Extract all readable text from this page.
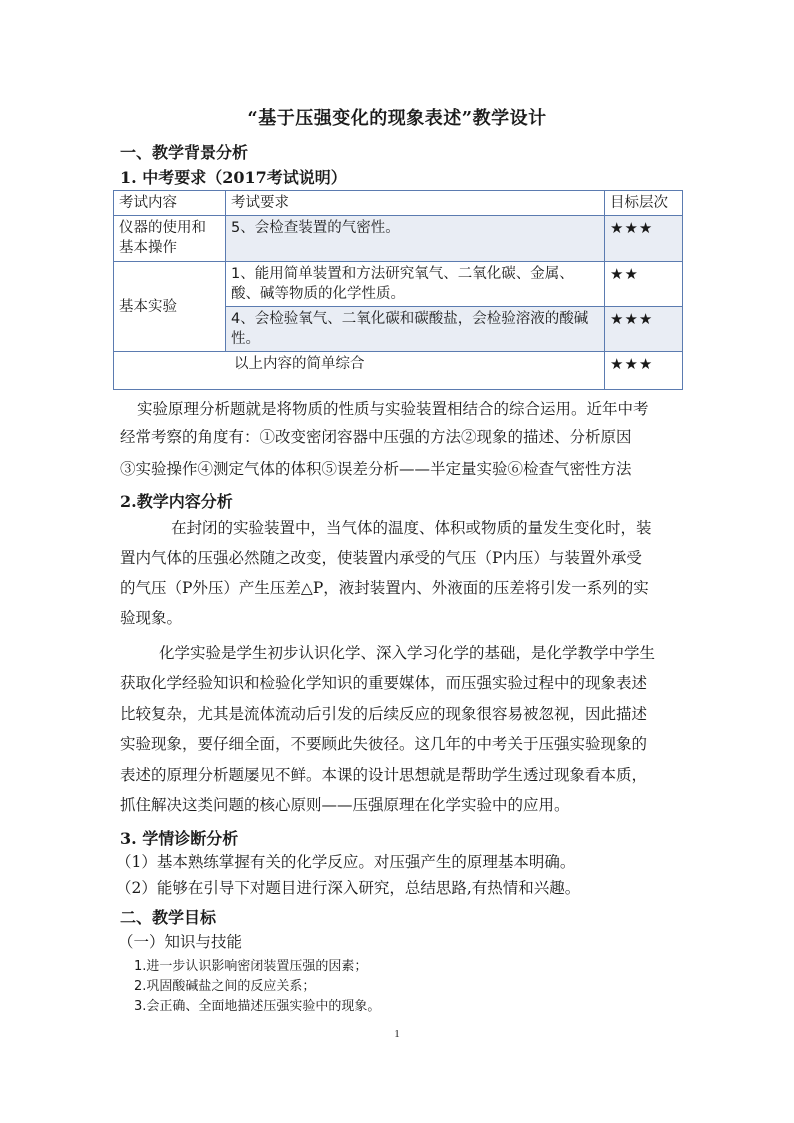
“基于压强变化的现象表述”教学设计
一、教学背景分析
1. 中考要求（2017考试说明）
考试内容	考试要求	目标层次
仪器的使用和基本操作	5、会检查装置的气密性。	★★★
基本实验	1、能用简单装置和方法研究氧气、二氧化碳、金属、酸、碱等物质的化学性质。	★★
	4、会检验氧气、二氧化碳和碳酸盐，会检验溶液的酸碱性。	★★★
以上内容的简单综合		★★★
实验原理分析题就是将物质的性质与实验装置相结合的综合运用。近年中考
经常考察的角度有：①改变密闭容器中压强的方法②现象的描述、分析原因
③实验操作④测定气体的体积⑤误差分析——半定量实验⑥检查气密性方法
2.教学内容分析
在封闭的实验装置中，当气体的温度、体积或物质的量发生变化时，装
置内气体的压强必然随之改变，使装置内承受的气压（P内压）与装置外承受
的气压（P外压）产生压差△P，液封装置内、外液面的压差将引发一系列的实
验现象。
化学实验是学生初步认识化学、深入学习化学的基础，是化学教学中学生
获取化学经验知识和检验化学知识的重要媒体，而压强实验过程中的现象表述
比较复杂，尤其是流体流动后引发的后续反应的现象很容易被忽视，因此描述
实验现象，要仔细全面，不要顾此失彼径。这几年的中考关于压强实验现象的
表述的原理分析题屡见不鲜。本课的设计思想就是帮助学生透过现象看本质，
抓住解决这类问题的核心原则——压强原理在化学实验中的应用。
3. 学情诊断分析
（1）基本熟练掌握有关的化学反应。对压强产生的原理基本明确。
（2）能够在引导下对题目进行深入研究，总结思路,有热情和兴趣。
二、教学目标
（一）知识与技能
1.进一步认识影响密闭装置压强的因素；
2.巩固酸碱盐之间的反应关系；
3.会正确、全面地描述压强实验中的现象。
1
